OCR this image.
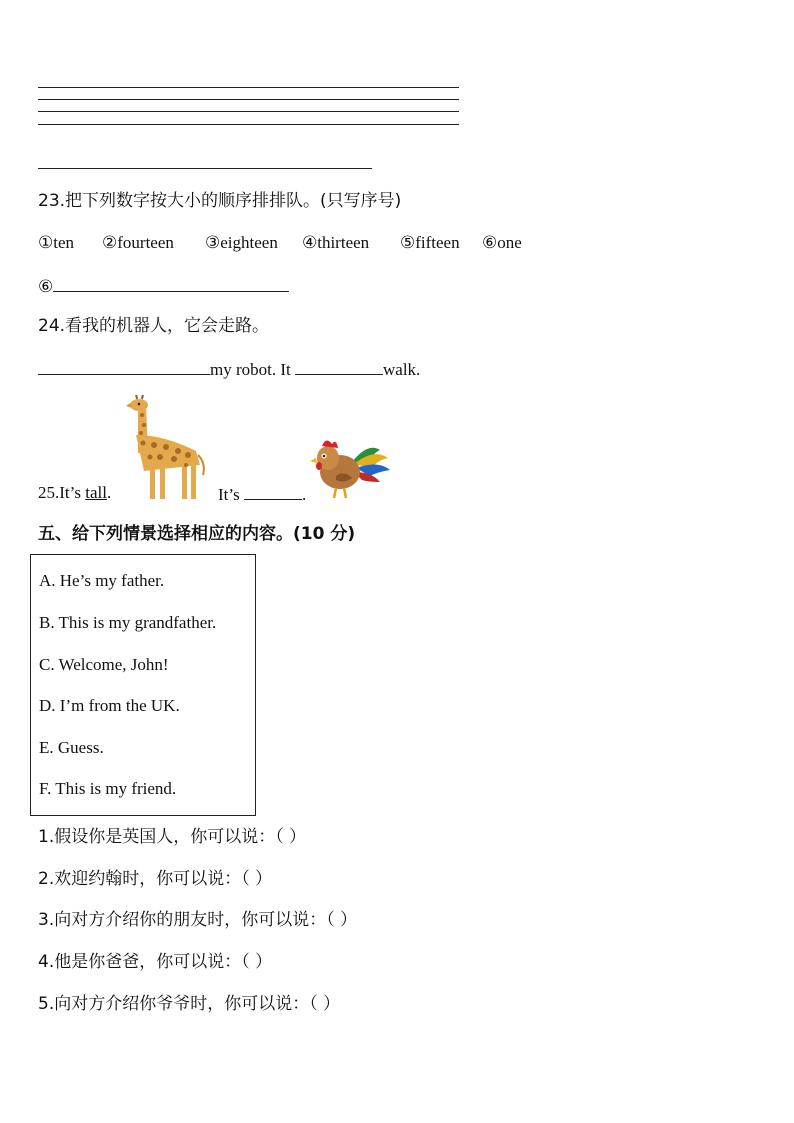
23.把下列数字按大小的顺序排排队。(只写序号)
①ten ②fourteen ③eighteen ④thirteen ⑤fifteen ⑥one
⑥
24.看我的机器人，它会走路。
my robot. It	walk.
25.It’s tall.	It’s	.
五、给下列情景选择相应的内容。(10 分)
A. He’s my father.
B. This is my grandfather.
C. Welcome, John!
D. I’m from the UK.
E. Guess.
F. This is my friend.
1.假设你是英国人，你可以说：（ ）
2.欢迎约翰时，你可以说：（ ）
3.向对方介绍你的朋友时，你可以说：（ ）
4.他是你爸爸，你可以说：（ ）
5.向对方介绍你爷爷时，你可以说：（ ）
